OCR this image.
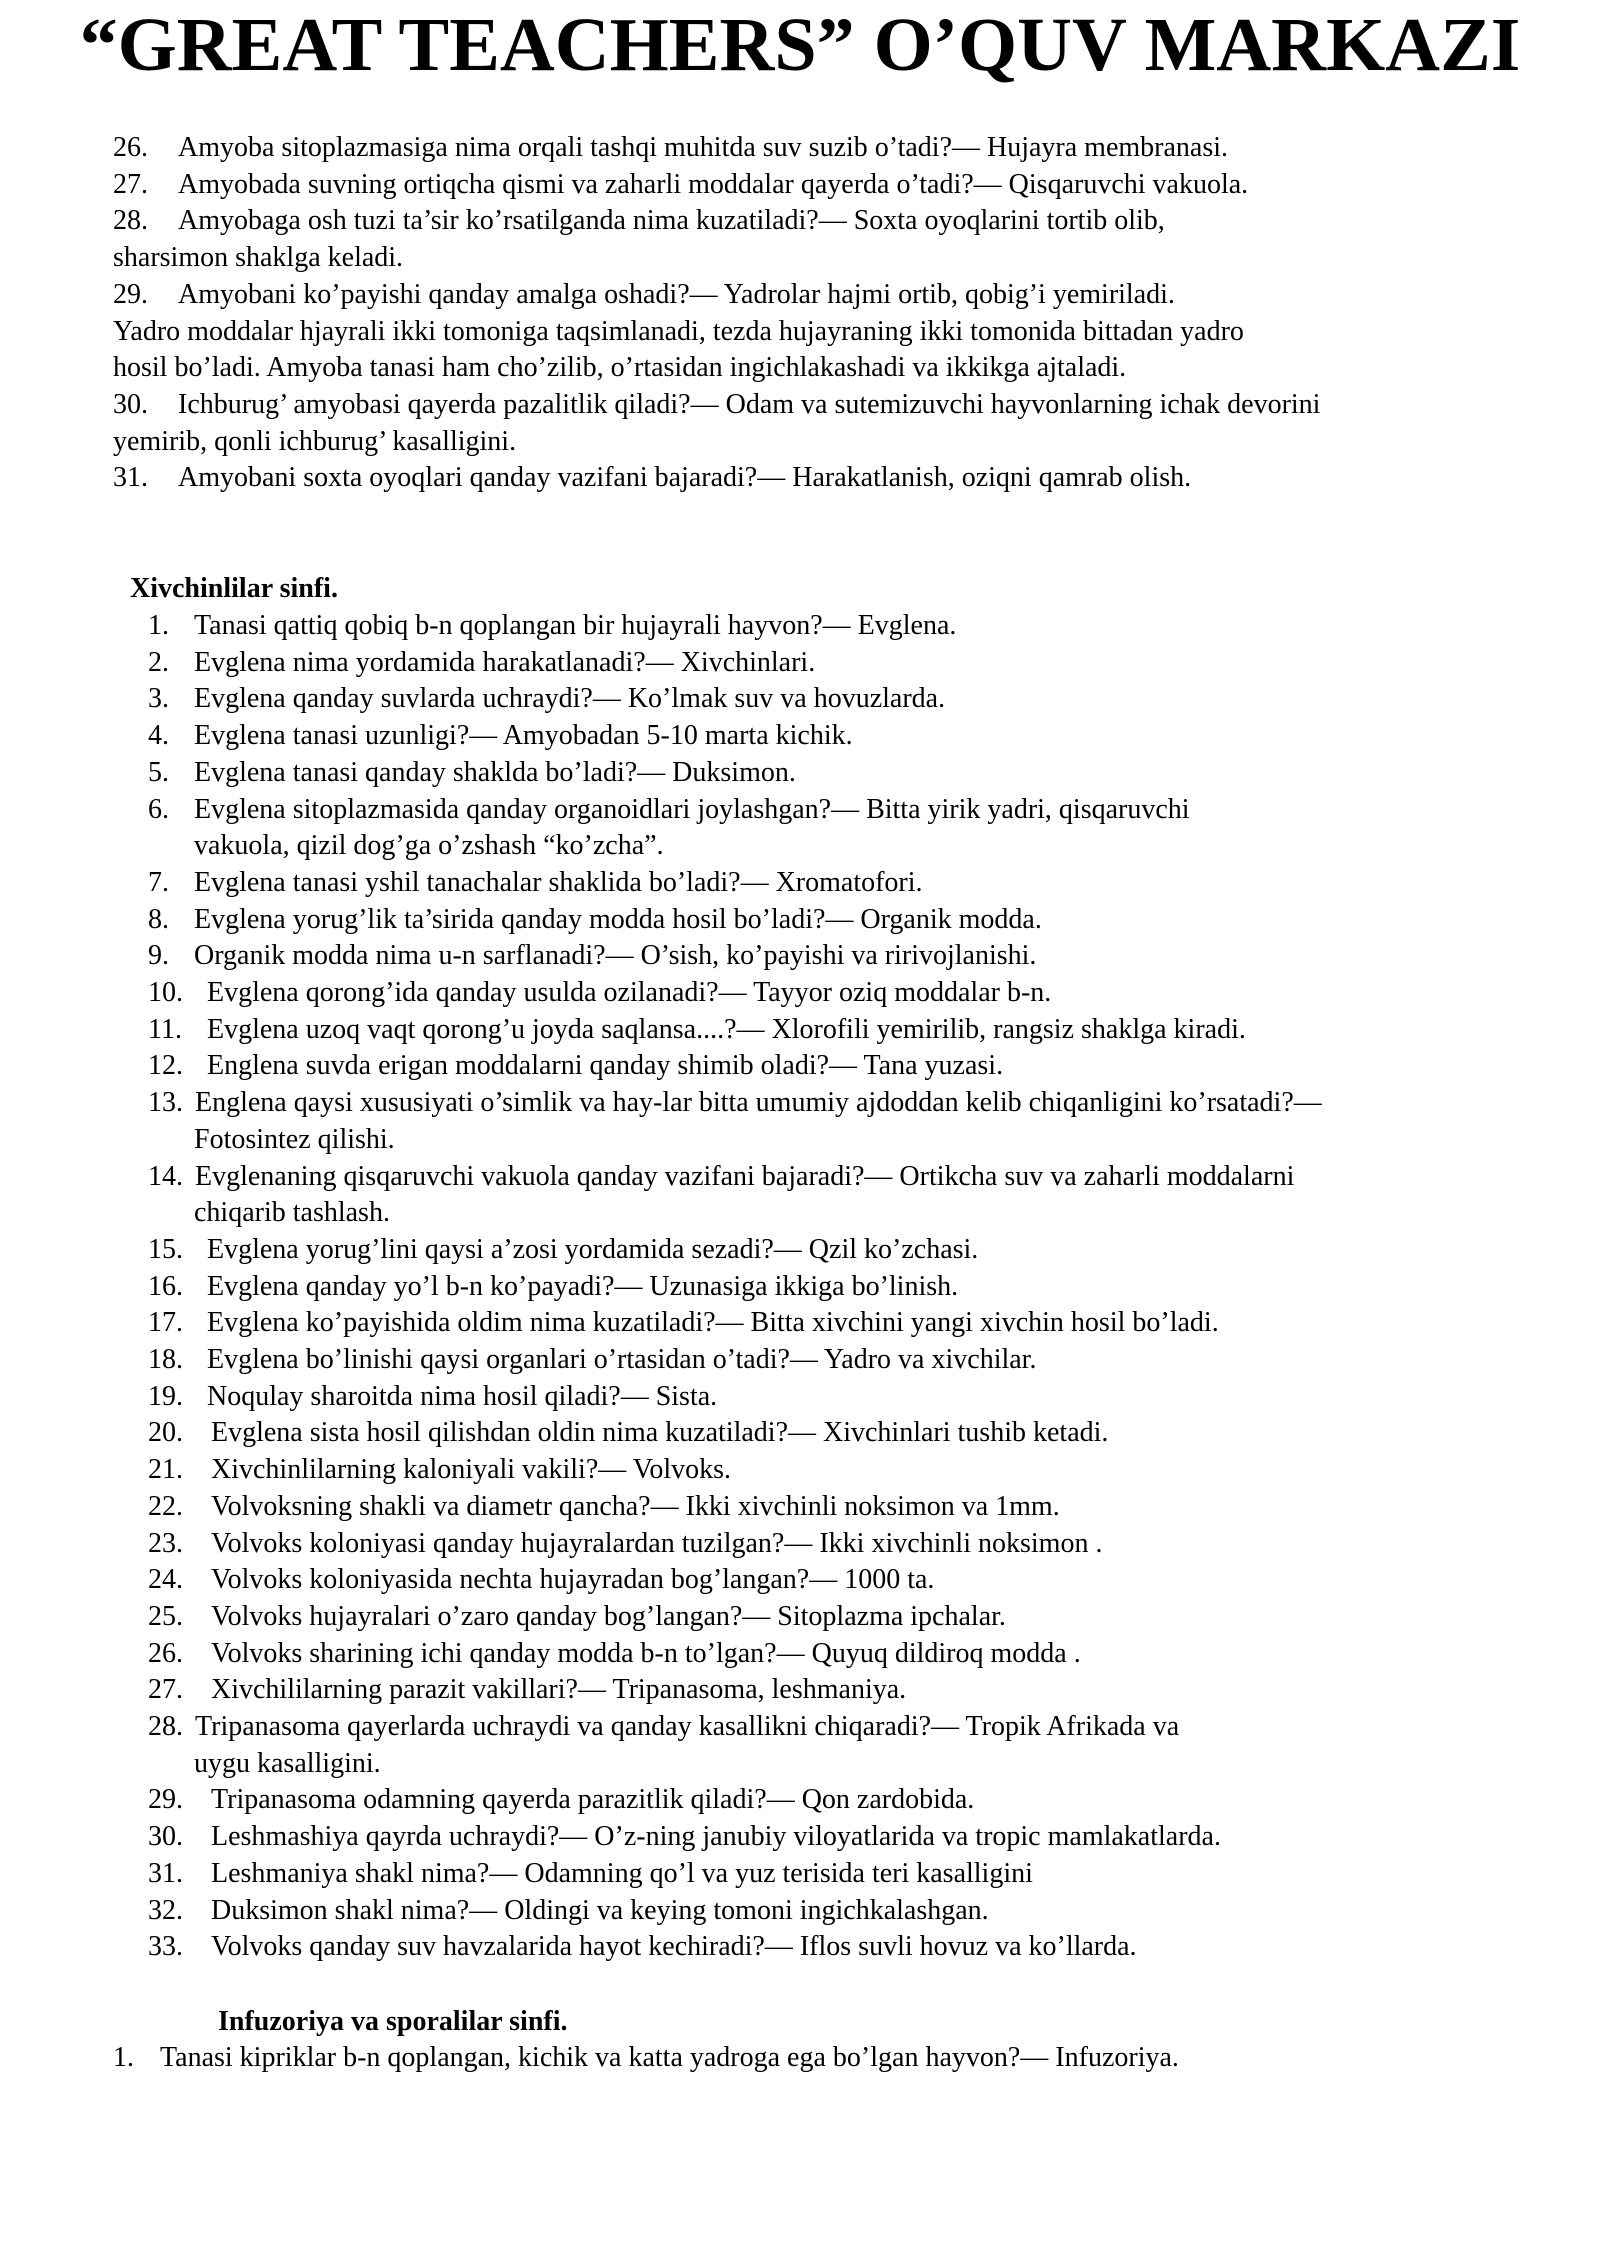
“GREAT TEACHERS” O’QUV MARKAZI
26. Amyoba sitoplazmasiga nima orqali tashqi muhitda suv suzib o’tadi?— Hujayra membranasi.
27. Amyobada suvning ortiqcha qismi va zaharli moddalar qayerda o’tadi?— Qisqaruvchi vakuola.
28. Amyobaga osh tuzi ta’sir ko’rsatilganda nima kuzatiladi?— Soxta oyoqlarini tortib olib,
sharsimon shaklga keladi.
29. Amyobani ko’payishi qanday amalga oshadi?— Yadrolar hajmi ortib, qobig’i yemiriladi.
Yadro moddalar hjayrali ikki tomoniga taqsimlanadi, tezda hujayraning ikki tomonida bittadan yadro
hosil bo’ladi. Amyoba tanasi ham cho’zilib, o’rtasidan ingichlakashadi va ikkikga ajtaladi.
30. Ichburug’ amyobasi qayerda pazalitlik qiladi?— Odam va sutemizuvchi hayvonlarning ichak devorini
yemirib, qonli ichburug’ kasalligini.
31. Amyobani soxta oyoqlari qanday vazifani bajaradi?— Harakatlanish, oziqni qamrab olish.
Xivchinlilar sinfi.
1. Tanasi qattiq qobiq b-n qoplangan bir hujayrali hayvon?— Evglena.
2. Evglena nima yordamida harakatlanadi?— Xivchinlari.
3. Evglena qanday suvlarda uchraydi?— Ko’lmak suv va hovuzlarda.
4. Evglena tanasi uzunligi?— Amyobadan 5-10 marta kichik.
5. Evglena tanasi qanday shaklda bo’ladi?— Duksimon.
6. Evglena sitoplazmasida qanday organoidlari joylashgan?— Bitta yirik yadri, qisqaruvchi
vakuola, qizil dog’ga o’zshash “ko’zcha”.
7. Evglena tanasi yshil tanachalar shaklida bo’ladi?— Xromatofori.
8. Evglena yorug’lik ta’sirida qanday modda hosil bo’ladi?— Organik modda.
9. Organik modda nima u-n sarflanadi?— O’sish, ko’payishi va ririvojlanishi.
10. Evglena qorong’ida qanday usulda ozilanadi?— Tayyor oziq moddalar b-n.
11. Evglena uzoq vaqt qorong’u joyda saqlansa....?— Xlorofili yemirilib, rangsiz shaklga kiradi.
12. Englena suvda erigan moddalarni qanday shimib oladi?— Tana yuzasi.
13. Englena qaysi xususiyati o’simlik va hay-lar bitta umumiy ajdoddan kelib chiqanligini ko’rsatadi?—
Fotosintez qilishi.
14. Evglenaning qisqaruvchi vakuola qanday vazifani bajaradi?— Ortikcha suv va zaharli moddalarni
chiqarib tashlash.
15. Evglena yorug’lini qaysi a’zosi yordamida sezadi?— Qzil ko’zchasi.
16. Evglena qanday yo’l b-n ko’payadi?— Uzunasiga ikkiga bo’linish.
17. Evglena ko’payishida oldim nima kuzatiladi?— Bitta xivchini yangi xivchin hosil bo’ladi.
18. Evglena bo’linishi qaysi organlari o’rtasidan o’tadi?— Yadro va xivchilar.
19. Noqulay sharoitda nima hosil qiladi?— Sista.
20. Evglena sista hosil qilishdan oldin nima kuzatiladi?— Xivchinlari tushib ketadi.
21. Xivchinlilarning kaloniyali vakili?— Volvoks.
22. Volvoksning shakli va diametr qancha?— Ikki xivchinli noksimon va 1mm.
23. Volvoks koloniyasi qanday hujayralardan tuzilgan?— Ikki xivchinli noksimon .
24. Volvoks koloniyasida nechta hujayradan bog’langan?— 1000 ta.
25. Volvoks hujayralari o’zaro qanday bog’langan?— Sitoplazma ipchalar.
26. Volvoks sharining ichi qanday modda b-n to’lgan?— Quyuq dildiroq modda .
27. Xivchililarning parazit vakillari?— Tripanasoma, leshmaniya.
28. Tripanasoma qayerlarda uchraydi va qanday kasallikni chiqaradi?— Tropik Afrikada va
uygu kasalligini.
29. Tripanasoma odamning qayerda parazitlik qiladi?— Qon zardobida.
30. Leshmashiya qayrda uchraydi?— O’z-ning janubiy viloyatlarida va tropic mamlakatlarda.
31. Leshmaniya shakl nima?— Odamning qo’l va yuz terisida teri kasalligini
32. Duksimon shakl nima?— Oldingi va keying tomoni ingichkalashgan.
33. Volvoks qanday suv havzalarida hayot kechiradi?— Iflos suvli hovuz va ko’llarda.
Infuzoriya va sporalilar sinfi.
1. Tanasi kipriklar b-n qoplangan, kichik va katta yadroga ega bo’lgan hayvon?— Infuzoriya.
